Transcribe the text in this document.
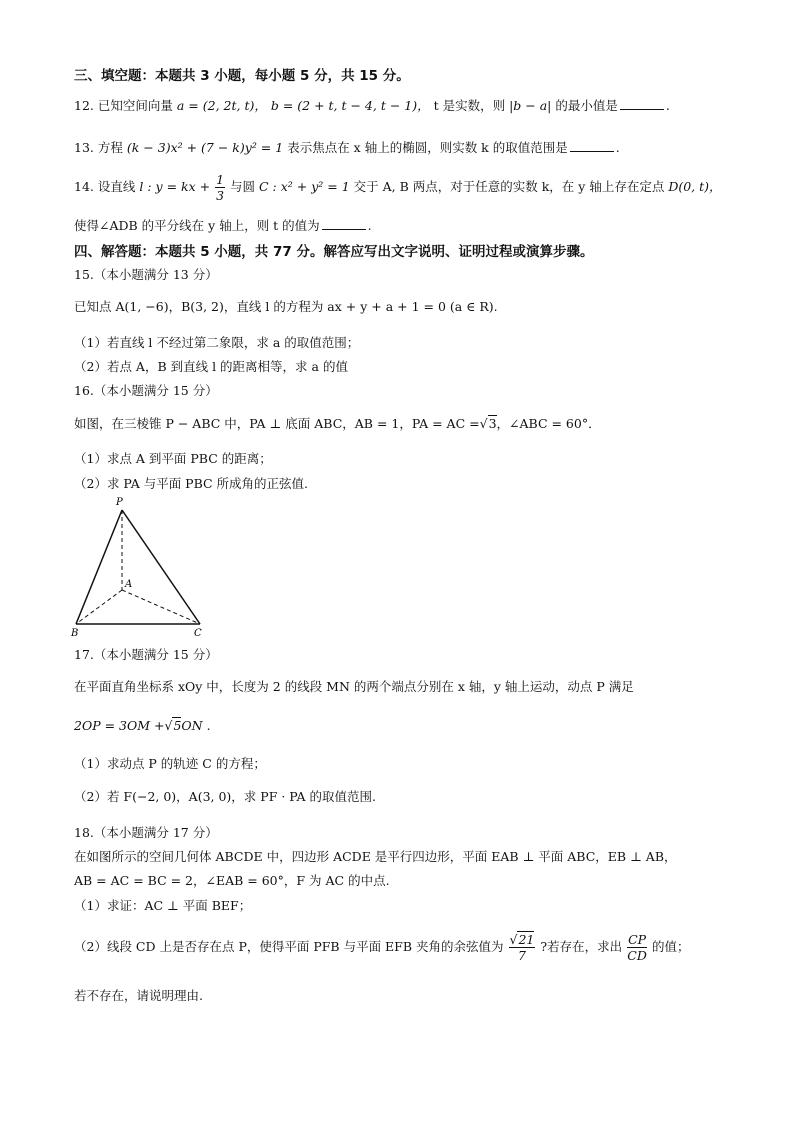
三、填空题：本题共 3 小题，每小题 5 分，共 15 分。
12. 已知空间向量 a = (2, 2t, t)， b = (2 + t, t − 4, t − 1)， t 是实数，则 |b − a| 的最小值是	.
13. 方程 (k − 3)x² + (7 − k)y² = 1 表示焦点在 x 轴上的椭圆，则实数 k 的取值范围是	.
14. 设直线 l : y = kx + $\frac{1}{3}$ 与圆 C : x² + y² = 1 交于 A, B 两点，对于任意的实数 k，在 y 轴上存在定点 D(0, t)，
使得∠ADB 的平分线在 y 轴上，则 t 的值为	.
四、解答题：本题共 5 小题，共 77 分。解答应写出文字说明、证明过程或演算步骤。
15.（本小题满分 13 分）
已知点 A(1, −6)，B(3, 2)，直线 l 的方程为 ax + y + a + 1 = 0 (a ∈ R).
（1）若直线 l 不经过第二象限，求 a 的取值范围；
（2）若点 A，B 到直线 l 的距离相等，求 a 的值
16.（本小题满分 15 分）
如图，在三棱锥 P − ABC 中，PA ⊥ 底面 ABC，AB = 1，PA = AC =√3，∠ABC = 60°．
（1）求点 A 到平面 PBC 的距离；
（2）求 PA 与平面 PBC 所成角的正弦值.
P
A
B	C
17.（本小题满分 15 分）
在平面直角坐标系 xOy 中，长度为 2 的线段 MN 的两个端点分别在 x 轴，y 轴上运动，动点 P 满足
2OP = 3OM +√5ON .
（1）求动点 P 的轨迹 C 的方程；
（2）若 F(−2, 0)，A(3, 0)，求 PF · PA 的取值范围.
18.（本小题满分 17 分）
在如图所示的空间几何体 ABCDE 中，四边形 ACDE 是平行四边形，平面 EAB ⊥ 平面 ABC，EB ⊥ AB，
AB = AC = BC = 2，∠EAB = 60°，F 为 AC 的中点.
（1）求证：AC ⊥ 平面 BEF；
（2）线段 CD 上是否存在点 P，使得平面 PFB 与平面 EFB 夹角的余弦值为 $\frac{√21}{7}$ ?若存在，求出 $\frac{CP}{CD}$ 的值；
若不存在，请说明理由.
